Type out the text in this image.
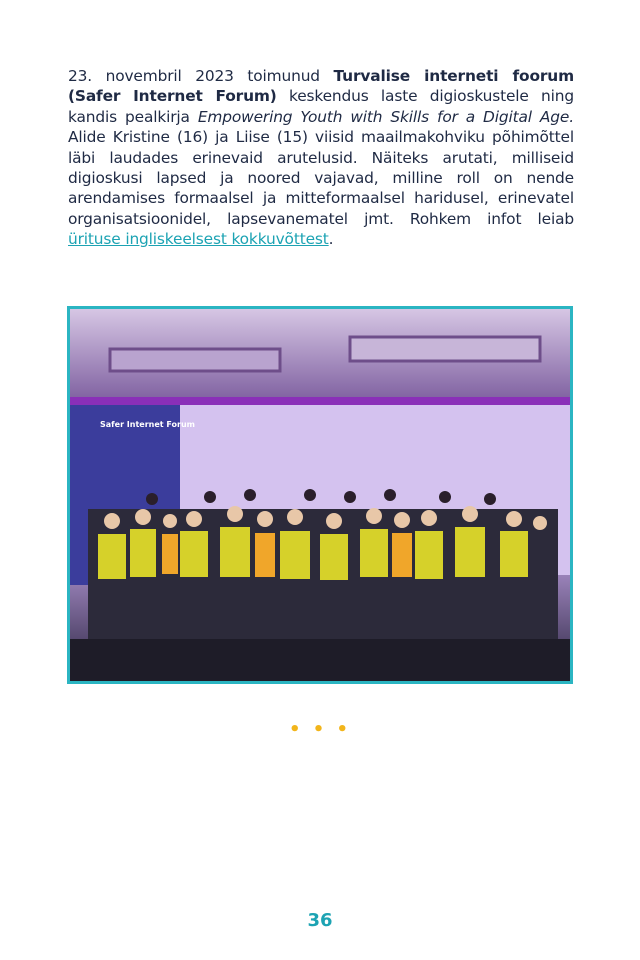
23. novembril 2023 toimunud Turvalise interneti foorum (Safer Internet Forum) keskendus laste digioskustele ning kandis pealkirja Empowering Youth with Skills for a Digital Age. Alide Kristine (16) ja Liise (15) viisid maailmakohviku põhimõttel läbi laudades erinevaid arutelusid. Näiteks arutati, milliseid digioskusi lapsed ja noored vajavad, milline roll on nende arendamises formaalsel ja mitteformaalsel haridusel, erinevatel organisatsioonidel, lapsevanematel jmt. Rohkem infot leiab ürituse ingliskeelsest kokkuvõttest.
Safer Internet Forum
• • •
36
